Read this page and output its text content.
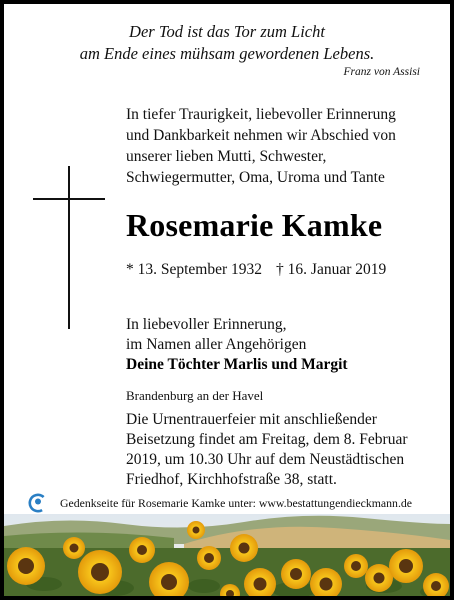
Der Tod ist das Tor zum Licht
am Ende eines mühsam gewordenen Lebens.
Franz von Assisi
In tiefer Traurigkeit, liebevoller Erinnerung
und Dankbarkeit nehmen wir Abschied von
unserer lieben Mutti, Schwester,
Schwiegermutter, Oma, Uroma und Tante
Rosemarie Kamke
* 13. September 1932 † 16. Januar 2019
In liebevoller Erinnerung,
im Namen aller Angehörigen
Deine Töchter Marlis und Margit
Brandenburg an der Havel
Die Urnentrauerfeier mit anschließender
Beisetzung findet am Freitag, dem 8. Februar
2019, um 10.30 Uhr auf dem Neustädtischen
Friedhof, Kirchhofstraße 38, statt.
Gedenkseite für Rosemarie Kamke unter: www.bestattungendieckmann.de
